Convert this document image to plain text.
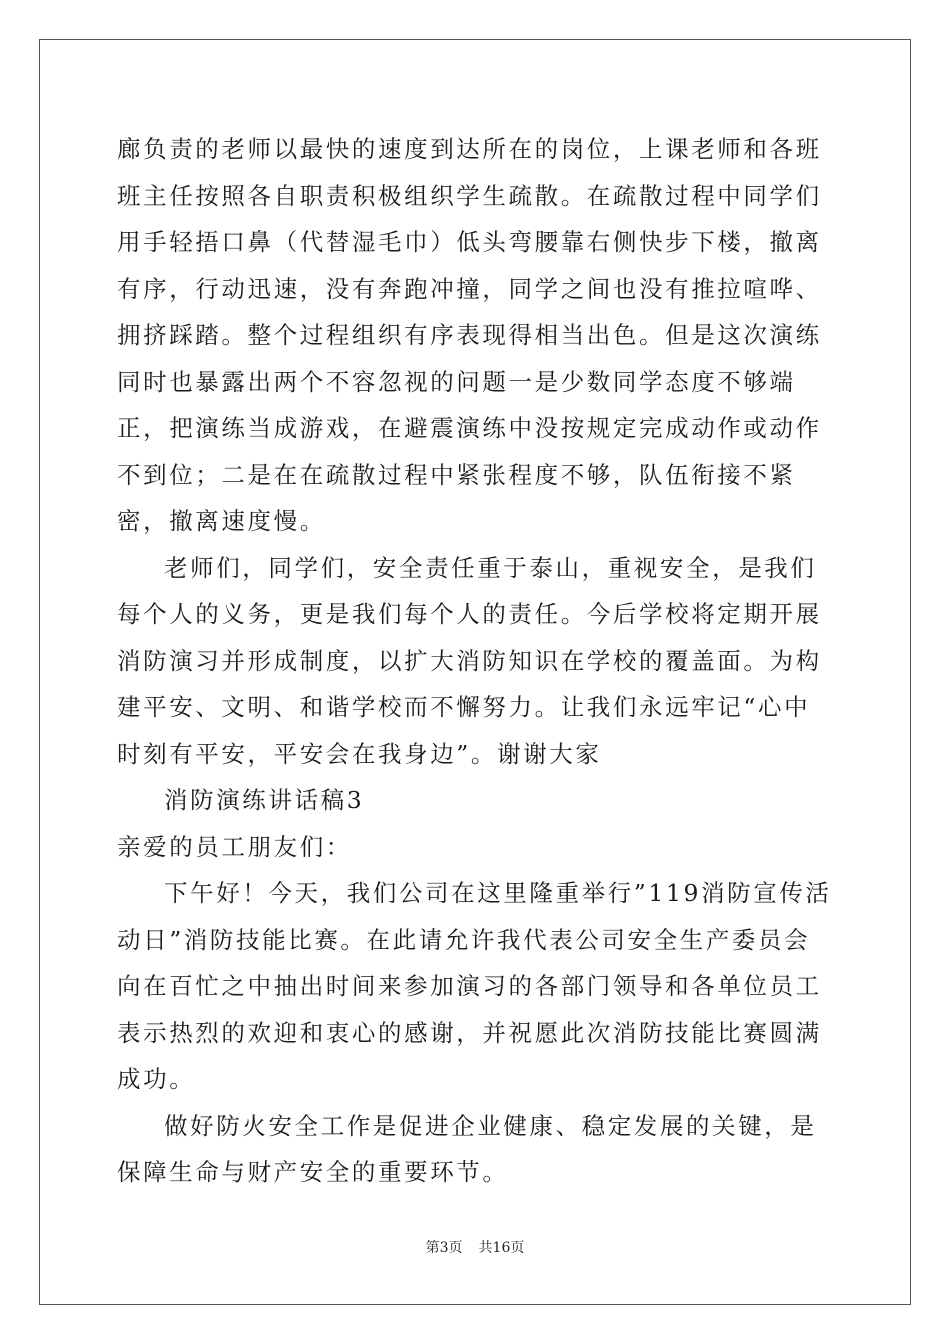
廊负责的老师以最快的速度到达所在的岗位，上课老师和各班班主任按照各自职责积极组织学生疏散。在疏散过程中同学们用手轻捂口鼻（代替湿毛巾）低头弯腰靠右侧快步下楼，撤离有序，行动迅速，没有奔跑冲撞，同学之间也没有推拉喧哗、拥挤踩踏。整个过程组织有序表现得相当出色。但是这次演练同时也暴露出两个不容忽视的问题一是少数同学态度不够端正，把演练当成游戏，在避震演练中没按规定完成动作或动作不到位；二是在在疏散过程中紧张程度不够，队伍衔接不紧密，撤离速度慢。

老师们，同学们，安全责任重于泰山，重视安全，是我们每个人的义务，更是我们每个人的责任。今后学校将定期开展消防演习并形成制度，以扩大消防知识在学校的覆盖面。为构建平安、文明、和谐学校而不懈努力。让我们永远牢记“心中时刻有平安，平安会在我身边”。谢谢大家

消防演练讲话稿3

亲爱的员工朋友们：

下午好！今天，我们公司在这里隆重举行”119消防宣传活动日”消防技能比赛。在此请允许我代表公司安全生产委员会向在百忙之中抽出时间来参加演习的各部门领导和各单位员工表示热烈的欢迎和衷心的感谢，并祝愿此次消防技能比赛圆满成功。

做好防火安全工作是促进企业健康、稳定发展的关键，是保障生命与财产安全的重要环节。

第3页 共16页
